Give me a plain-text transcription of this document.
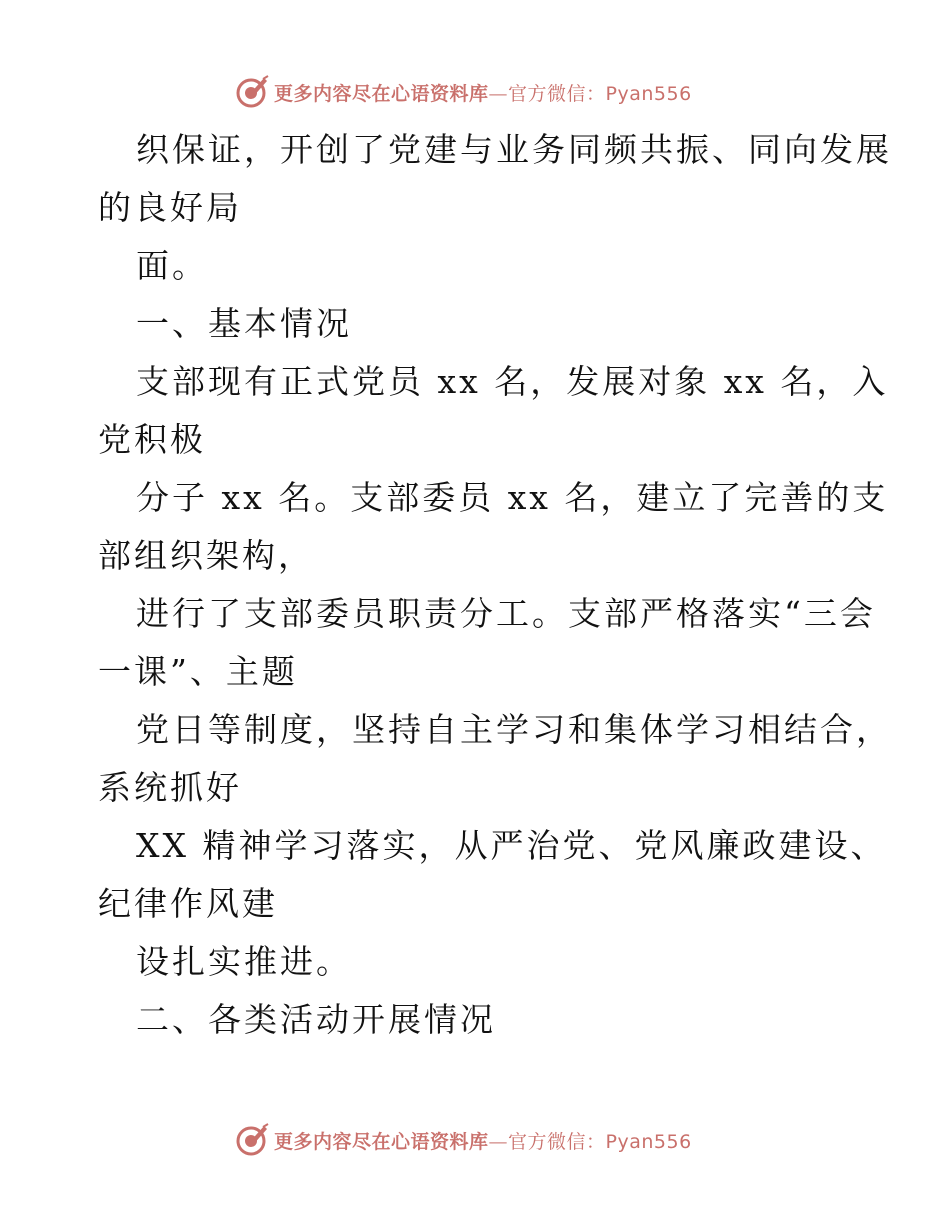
更多内容尽在心语资料库—官方微信：Pyan556
织保证，开创了党建与业务同频共振、同向发展
的良好局
面。
一、基本情况
支部现有正式党员 xx 名，发展对象 xx 名，入
党积极
分子 xx 名。支部委员 xx 名，建立了完善的支
部组织架构，
进行了支部委员职责分工。支部严格落实“三会
一课”、主题
党日等制度，坚持自主学习和集体学习相结合，
系统抓好
XX 精神学习落实，从严治党、党风廉政建设、
纪律作风建
设扎实推进。
二、各类活动开展情况
更多内容尽在心语资料库—官方微信：Pyan556
